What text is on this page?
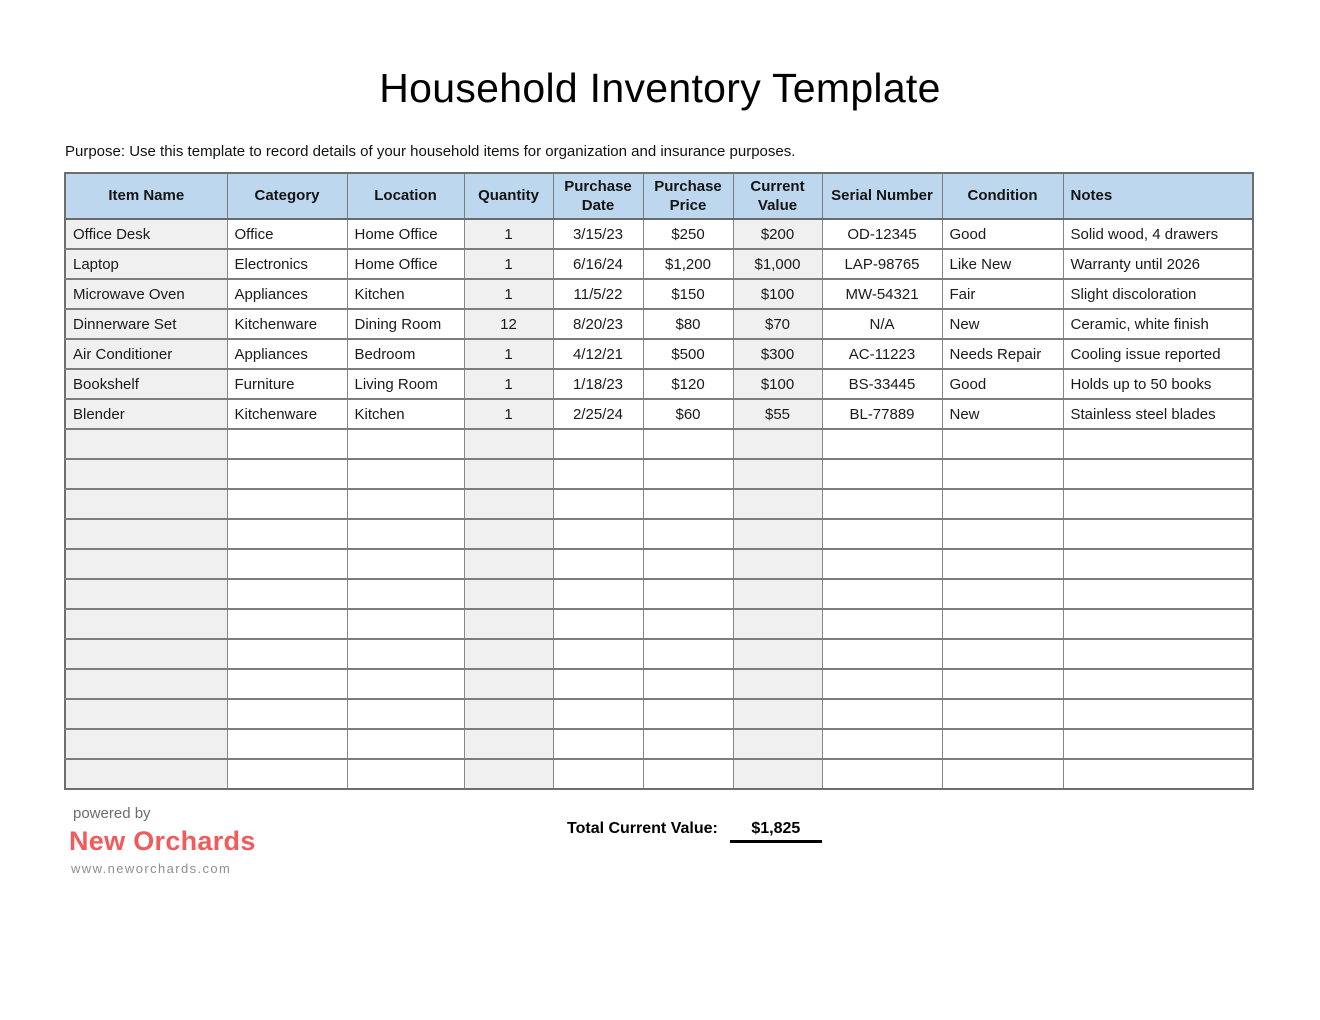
Household Inventory Template
Purpose: Use this template to record details of your household items for organization and insurance purposes.
Item Name	Category	Location	Quantity	Purchase Date	Purchase Price	Current Value	Serial Number	Condition	Notes
Office Desk	Office	Home Office	1	3/15/23	$250	$200	OD-12345	Good	Solid wood, 4 drawers
Laptop	Electronics	Home Office	1	6/16/24	$1,200	$1,000	LAP-98765	Like New	Warranty until 2026
Microwave Oven	Appliances	Kitchen	1	11/5/22	$150	$100	MW-54321	Fair	Slight discoloration
Dinnerware Set	Kitchenware	Dining Room	12	8/20/23	$80	$70	N/A	New	Ceramic, white finish
Air Conditioner	Appliances	Bedroom	1	4/12/21	$500	$300	AC-11223	Needs Repair	Cooling issue reported
Bookshelf	Furniture	Living Room	1	1/18/23	$120	$100	BS-33445	Good	Holds up to 50 books
Blender	Kitchenware	Kitchen	1	2/25/24	$60	$55	BL-77889	New	Stainless steel blades

powered by
New Orchards
www.neworchards.com
Total Current Value: $1,825
